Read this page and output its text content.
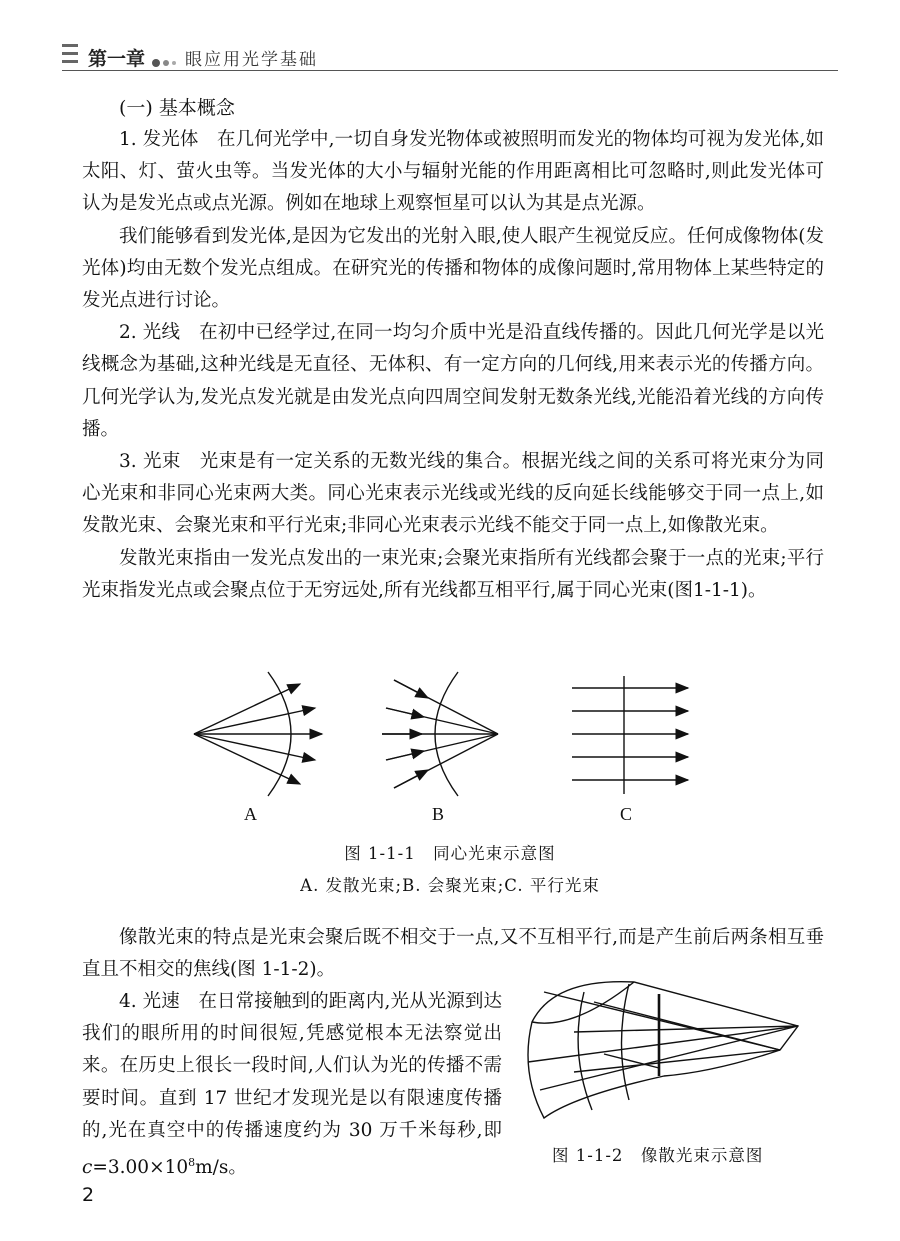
第一章 眼应用光学基础
(一) 基本概念

1. 发光体　在几何光学中,一切自身发光物体或被照明而发光的物体均可视为发光体,如太阳、灯、萤火虫等。当发光体的大小与辐射光能的作用距离相比可忽略时,则此发光体可认为是发光点或点光源。例如在地球上观察恒星可以认为其是点光源。

我们能够看到发光体,是因为它发出的光射入眼,使人眼产生视觉反应。任何成像物体(发光体)均由无数个发光点组成。在研究光的传播和物体的成像问题时,常用物体上某些特定的发光点进行讨论。

2. 光线　在初中已经学过,在同一均匀介质中光是沿直线传播的。因此几何光学是以光线概念为基础,这种光线是无直径、无体积、有一定方向的几何线,用来表示光的传播方向。几何光学认为,发光点发光就是由发光点向四周空间发射无数条光线,光能沿着光线的方向传播。

3. 光束　光束是有一定关系的无数光线的集合。根据光线之间的关系可将光束分为同心光束和非同心光束两大类。同心光束表示光线或光线的反向延长线能够交于同一点上,如发散光束、会聚光束和平行光束;非同心光束表示光线不能交于同一点上,如像散光束。

发散光束指由一发光点发出的一束光束;会聚光束指所有光线都会聚于一点的光束;平行光束指发光点或会聚点位于无穷远处,所有光线都互相平行,属于同心光束(图1-1-1)。

A	B	C
图 1-1-1　同心光束示意图
A. 发散光束;B. 会聚光束;C. 平行光束

像散光束的特点是光束会聚后既不相交于一点,又不互相平行,而是产生前后两条相互垂直且不相交的焦线(图 1-1-2)。

4. 光速　在日常接触到的距离内,光从光源到达我们的眼所用的时间很短,凭感觉根本无法察觉出来。在历史上很长一段时间,人们认为光的传播不需要时间。直到 17 世纪才发现光是以有限速度传播的,光在真空中的传播速度约为 30 万千米每秒,即 $c=3.00\times 10^8m/s$。

图 1-1-2　像散光束示意图
2
